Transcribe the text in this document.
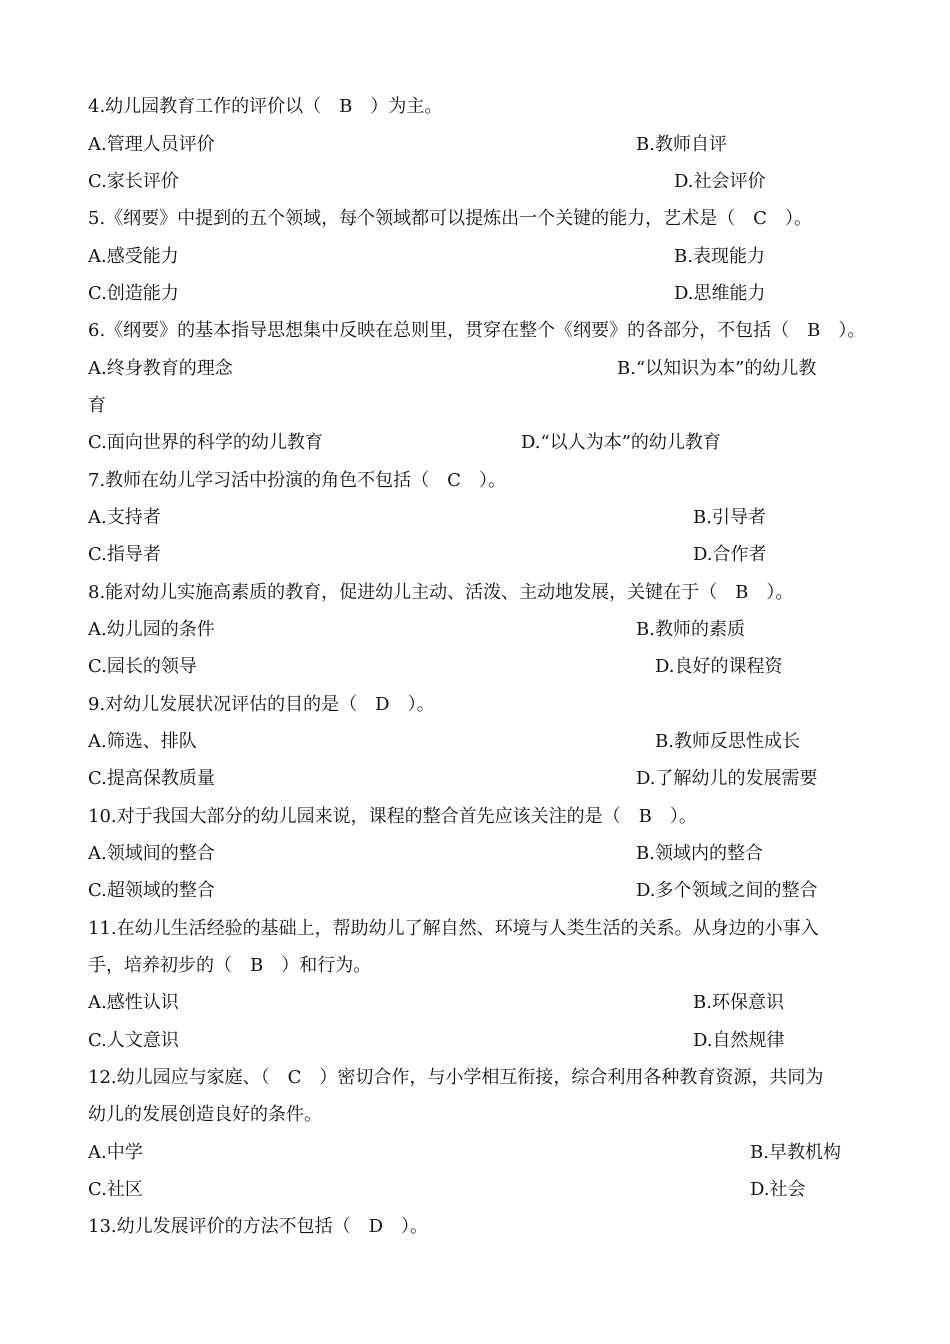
4.幼儿园教育工作的评价以（　B　）为主。
A.管理人员评价	B.教师自评
C.家长评价	D.社会评价
5.《纲要》中提到的五个领域，每个领域都可以提炼出一个关键的能力，艺术是（　C　）。
A.感受能力	B.表现能力
C.创造能力	D.思维能力
6.《纲要》的基本指导思想集中反映在总则里，贯穿在整个《纲要》的各部分，不包括（　B　）。
A.终身教育的理念	B.“以知识为本”的幼儿教
育
C.面向世界的科学的幼儿教育	D.“以人为本”的幼儿教育
7.教师在幼儿学习活中扮演的角色不包括（　C　）。
A.支持者	B.引导者
C.指导者	D.合作者
8.能对幼儿实施高素质的教育，促进幼儿主动、活泼、主动地发展，关键在于（　B　）。
A.幼儿园的条件	B.教师的素质
C.园长的领导	D.良好的课程资
9.对幼儿发展状况评估的目的是（　D　）。
A.筛选、排队	B.教师反思性成长
C.提高保教质量	D.了解幼儿的发展需要
10.对于我国大部分的幼儿园来说，课程的整合首先应该关注的是（　B　）。
A.领域间的整合	B.领域内的整合
C.超领域的整合	D.多个领域之间的整合
11.在幼儿生活经验的基础上，帮助幼儿了解自然、环境与人类生活的关系。从身边的小事入
手，培养初步的（　B　）和行为。
A.感性认识	B.环保意识
C.人文意识	D.自然规律
12.幼儿园应与家庭、（　C　）密切合作，与小学相互衔接，综合利用各种教育资源，共同为
幼儿的发展创造良好的条件。
A.中学	B.早教机构
C.社区	D.社会
13.幼儿发展评价的方法不包括（　D　）。
